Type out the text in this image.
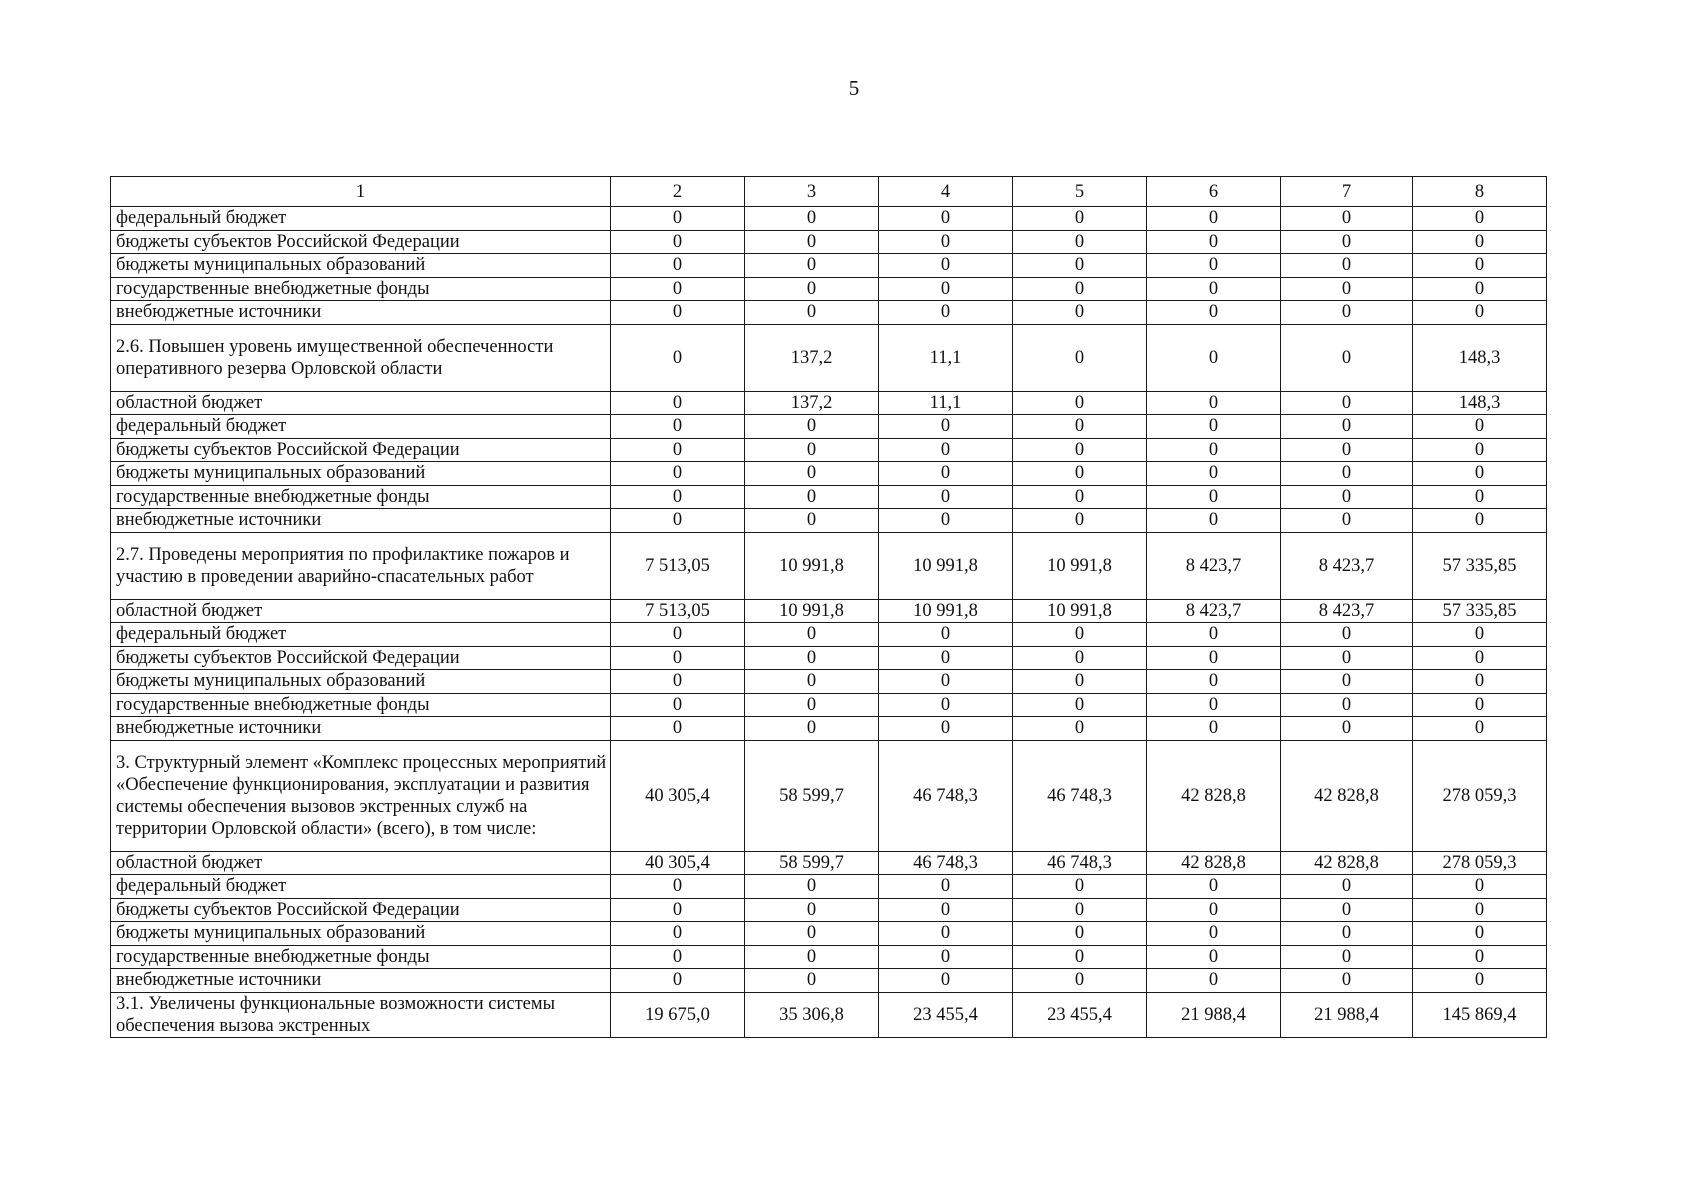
5
1	2	3	4	5	6	7	8
федеральный бюджет	0	0	0	0	0	0	0
бюджеты субъектов Российской Федерации	0	0	0	0	0	0	0
бюджеты муниципальных образований	0	0	0	0	0	0	0
государственные внебюджетные фонды	0	0	0	0	0	0	0
внебюджетные источники	0	0	0	0	0	0	0
2.6. Повышен уровень имущественной обеспеченности оперативного резерва Орловской области	0	137,2	11,1	0	0	0	148,3
областной бюджет	0	137,2	11,1	0	0	0	148,3
федеральный бюджет	0	0	0	0	0	0	0
бюджеты субъектов Российской Федерации	0	0	0	0	0	0	0
бюджеты муниципальных образований	0	0	0	0	0	0	0
государственные внебюджетные фонды	0	0	0	0	0	0	0
внебюджетные источники	0	0	0	0	0	0	0
2.7. Проведены мероприятия по профилактике пожаров и участию в проведении аварийно-спасательных работ	7 513,05	10 991,8	10 991,8	10 991,8	8 423,7	8 423,7	57 335,85
областной бюджет	7 513,05	10 991,8	10 991,8	10 991,8	8 423,7	8 423,7	57 335,85
федеральный бюджет	0	0	0	0	0	0	0
бюджеты субъектов Российской Федерации	0	0	0	0	0	0	0
бюджеты муниципальных образований	0	0	0	0	0	0	0
государственные внебюджетные фонды	0	0	0	0	0	0	0
внебюджетные источники	0	0	0	0	0	0	0
3. Структурный элемент «Комплекс процессных мероприятий «Обеспечение функционирования, эксплуатации и развития системы обеспечения вызовов экстренных служб на территории Орловской области» (всего), в том числе:	40 305,4	58 599,7	46 748,3	46 748,3	42 828,8	42 828,8	278 059,3
областной бюджет	40 305,4	58 599,7	46 748,3	46 748,3	42 828,8	42 828,8	278 059,3
федеральный бюджет	0	0	0	0	0	0	0
бюджеты субъектов Российской Федерации	0	0	0	0	0	0	0
бюджеты муниципальных образований	0	0	0	0	0	0	0
государственные внебюджетные фонды	0	0	0	0	0	0	0
внебюджетные источники	0	0	0	0	0	0	0
3.1. Увеличены функциональные возможности системы обеспечения вызова экстренных	19 675,0	35 306,8	23 455,4	23 455,4	21 988,4	21 988,4	145 869,4
